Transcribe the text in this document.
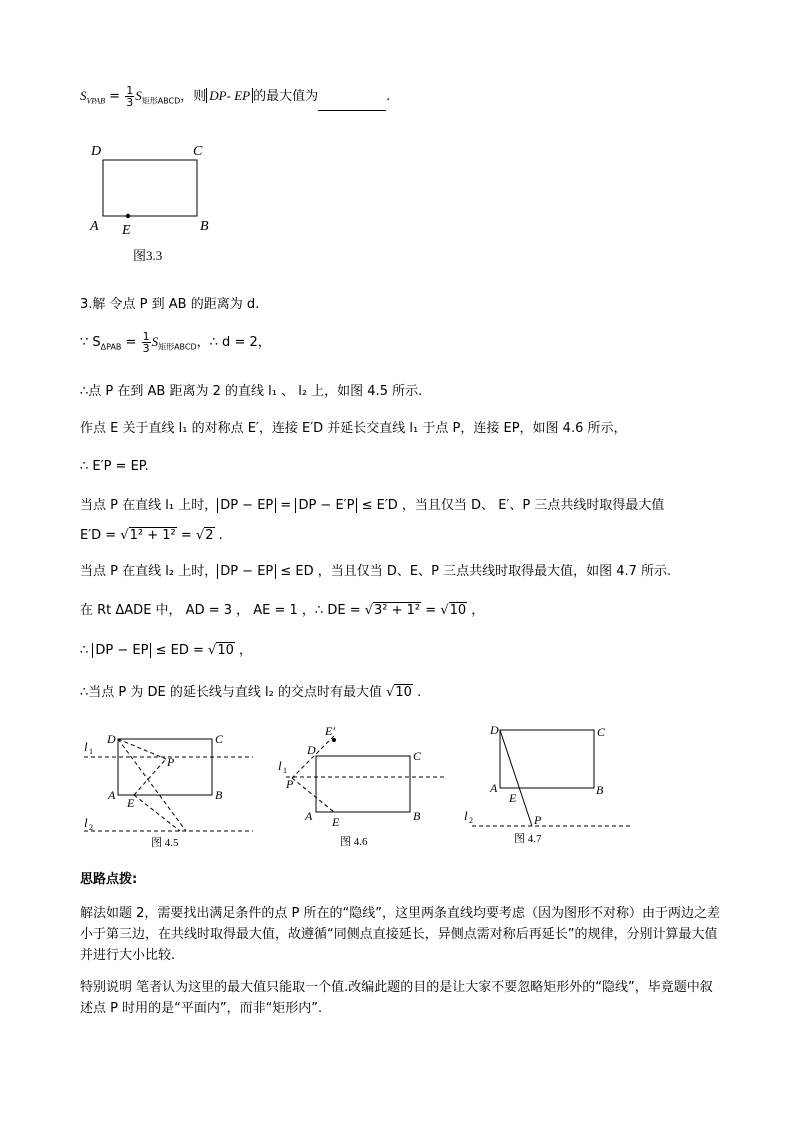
$S_{VPAB} = \frac{1}{3} S_{矩形ABCD}$，则 DP- EP 的最大值为	.
D	C
A E	B
图3.3
3.解 令点 P 到 AB 的距离为 d.
∵ $S_{\Delta PAB} = \frac{1}{3} S_{矩形ABCD}$，∴ d = 2，
∴点 P 在到 AB 距离为 2 的直线 l₁ 、 l₂ 上，如图 4.5 所示.
作点 E 关于直线 l₁ 的对称点 E′，连接 E′D 并延长交直线 l₁ 于点 P，连接 EP，如图 4.6 所示，
∴ E′P = EP.
当点 P 在直线 l₁ 上时， DP − EP = DP − E′P ≤ E′D ，当且仅当 D、 E′、P 三点共线时取得最大值
E′D = √1² + 1² = √2 .
当点 P 在直线 l₂ 上时， DP − EP ≤ ED ，当且仅当 D、E、P 三点共线时取得最大值，如图 4.7 所示.
在 Rt ΔADE 中， AD = 3 ， AE = 1 ，∴ DE = √3² + 1² = √10 ，
∴ DP − EP ≤ ED = √10 ，
∴当点 P 为 DE 的延长线与直线 l₂ 的交点时有最大值 √10 .
l 1
l 2
D	C
A	B
E
P
图 4.5
E′
D	C
l 1
P
A	B
E
图 4.6
D	C
A	B
E
P
l 2
图 4.7
思路点拨:
解法如题 2，需要找出满足条件的点 P 所在的“隐线”，这里两条直线均要考虑（因为图形不对称）由于两边之差小于第三边，在共线时取得最大值，故遵循“同侧点直接延长，异侧点需对称后再延长”的规律，分别计算最大值并进行大小比较.
特别说明 笔者认为这里的最大值只能取一个值.改编此题的目的是让大家不要忽略矩形外的“隐线”，毕竟题中叙述点 P 时用的是“平面内”，而非“矩形内”.
